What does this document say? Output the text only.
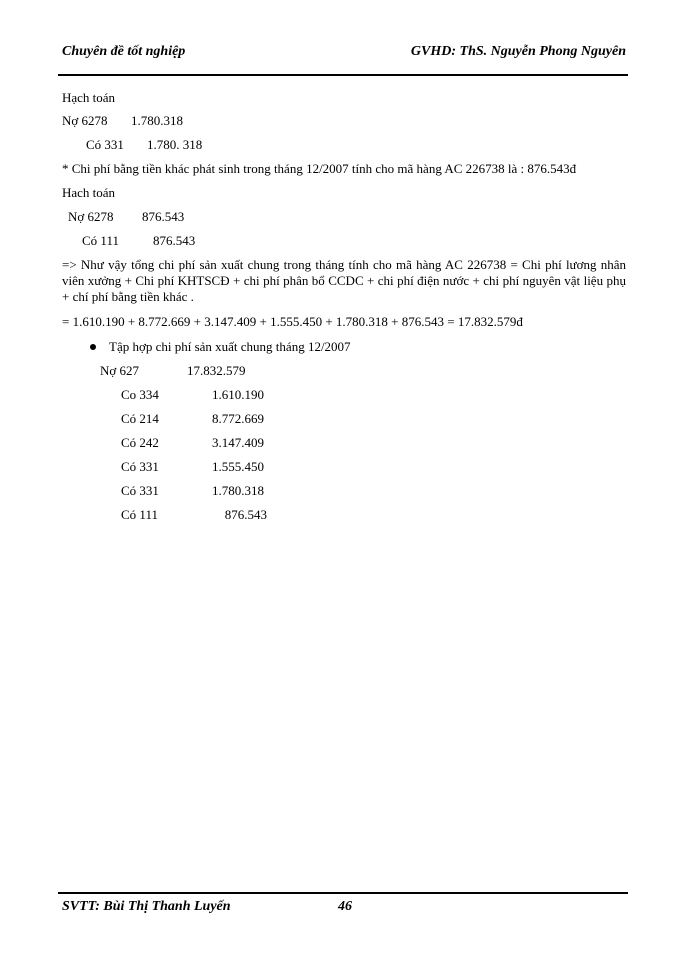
Chuyên đề tốt nghiệp	GVHD: ThS. Nguyễn Phong Nguyên
Hạch toán
Nợ 6278 1.780.318
Có 331 1.780. 318
* Chi phí bằng tiền khác phát sinh trong tháng 12/2007 tính cho mã hàng AC 226738 là : 876.543đ
Hach toán
Nợ 6278 876.543
Có 111	876.543
=> Như vậy tổng chi phí sản xuất chung trong tháng tính cho mã hàng AC 226738 = Chi phí lương nhân viên xưởng + Chi phí KHTSCĐ + chi phí phân bổ CCDC + chi phí điện nước + chi phí nguyên vật liệu phụ + chí phí bằng tiền khác .
= 1.610.190 + 8.772.669 + 3.147.409 + 1.555.450 + 1.780.318 + 876.543 = 17.832.579đ
Tập hợp chi phí sản xuất chung tháng 12/2007
Nợ 627	17.832.579
Co 334	1.610.190
Có 214	8.772.669
Có 242	3.147.409
Có 331	1.555.450
Có 331	1.780.318
Có 111	876.543
SVTT: Bùi Thị Thanh Luyến	46
